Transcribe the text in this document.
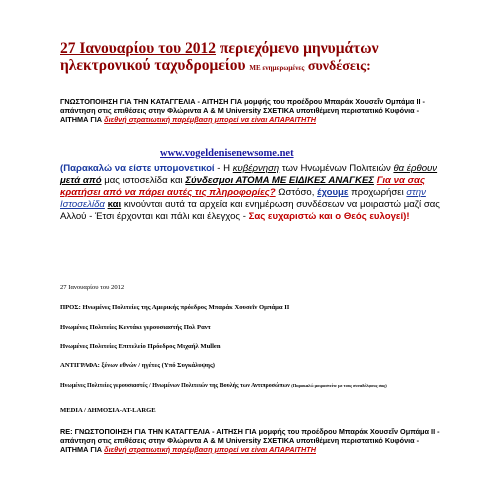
27 Ιανουαρίου του 2012 περιεχόμενο μηνυμάτων ηλεκτρονικού ταχυδρομείου ΜΕ ενημερωμένες συνδέσεις:
ΓΝΩΣΤΟΠΟΙΗΣΗ ΓΙΑ ΤΗΝ ΚΑΤΑΓΓΕΛΙΑ - ΑΙΤΗΣΗ ΓΙΑ μομφής του προέδρου Μπαράκ Χουσεΐν Ομπάμα ΙΙ - απάντηση στις επιθέσεις στην Φλώριντα Α & Μ University ΣΧΕΤΙΚΑ υποτιθέμενη περιστατικό Κυφόνια - ΑΙΤΗΜΑ ΓΙΑ διεθνή στρατιωτική παρέμβαση μπορεί να είναι ΑΠΑΡΑΙΤΗΤΗ
www.vogeldenisenewsome.net
(Παρακαλώ να είστε υπομονετικοί - Η κυβέρνηση των Ηνωμένων Πολιτειών θα έρθουν μετά από μας ιστοσελίδα και Σύνδεσμοι ΑΤΟΜΑ ΜΕ ΕΙΔΙΚΕΣ ΑΝΑΓΚΕΣ Για να σας κρατήσει από να πάρει αυτές τις πληροφορίες? Ωστόσο, έχουμε προχωρήσει στην Ιστοσελίδα και κινούνται αυτά τα αρχεία και ενημέρωση συνδέσεων να μοιραστώ μαζί σας Αλλού - Έτσι έρχονται και πάλι και έλεγχος - Σας ευχαριστώ και ο Θεός ευλογεί)!
27 Ιανουαρίου του 2012
ΠΡΟΣ: Ηνωμένες Πολιτείες της Αμερικής πρόεδρος Μπαράκ Χουσεΐν Ομπάμα ΙΙ
Ηνωμένες Πολιτείες Κεντάκι γερουσιαστής Πολ Ραντ
Ηνωμένες Πολιτείες Επιτελείο Πρόεδρος Μιχαήλ Mullen
ΑΝΤΙΓΡΑΦΑ: ξένων εθνών / ηγέτες (Υπό Συγκάλυψης)
Ηνωμένες Πολιτείες γερουσιαστές / Ηνωμένων Πολιτειών της Βουλής των Αντιπροσώπων (Παρακαλώ μοιραστείτε με τους συναδέλφους σας)
MEDIA / ΔΗΜΟΣΙΑ-AT-LARGE
RE: ΓΝΩΣΤΟΠΟΙΗΣΗ ΓΙΑ ΤΗΝ ΚΑΤΑΓΓΕΛΙΑ - ΑΙΤΗΣΗ ΓΙΑ μομφής του προέδρου Μπαράκ Χουσεΐν Ομπάμα ΙΙ - απάντηση στις επιθέσεις στην Φλώριντα Α & Μ University ΣΧΕΤΙΚΑ υποτιθέμενη περιστατικό Κυφόνια - ΑΙΤΗΜΑ ΓΙΑ διεθνή στρατιωτική παρέμβαση μπορεί να είναι ΑΠΑΡΑΙΤΗΤΗ
